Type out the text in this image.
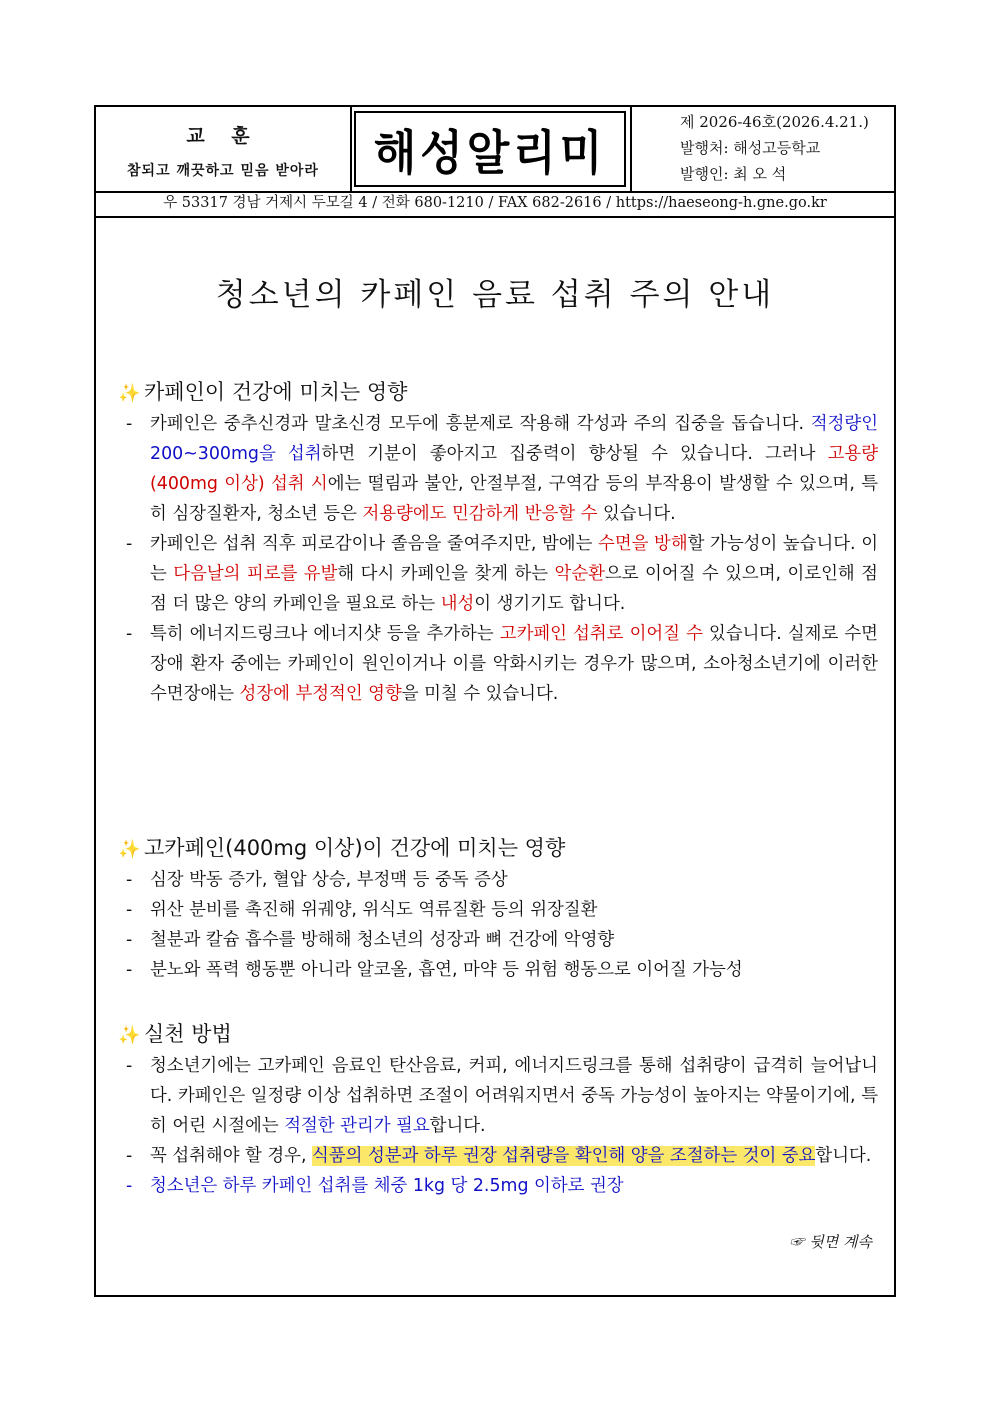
교 훈
참되고 깨끗하고 믿음 받아라	해성알리미
제 2026-46호(2026.4.21.)
발행처: 해성고등학교
발행인: 최 오 석
우 53317 경남 거제시 두모길 4 / 전화 680-1210 / FAX 682-2616 / https://haeseong-h.gne.go.kr
청소년의 카페인 음료 섭취 주의 안내
✨ 카페인이 건강에 미치는 영향
- 카페인은 중추신경과 말초신경 모두에 흥분제로 작용해 각성과 주의 집중을 돕습니다. 적정량인 200~300mg을 섭취하면 기분이 좋아지고 집중력이 향상될 수 있습니다. 그러나 고용량(400mg 이상) 섭취 시에는 떨림과 불안, 안절부절, 구역감 등의 부작용이 발생할 수 있으며, 특히 심장질환자, 청소년 등은 저용량에도 민감하게 반응할 수 있습니다.
- 카페인은 섭취 직후 피로감이나 졸음을 줄여주지만, 밤에는 수면을 방해할 가능성이 높습니다. 이는 다음날의 피로를 유발해 다시 카페인을 찾게 하는 악순환으로 이어질 수 있으며, 이로인해 점점 더 많은 양의 카페인을 필요로 하는 내성이 생기기도 합니다.
- 특히 에너지드링크나 에너지샷 등을 추가하는 고카페인 섭취로 이어질 수 있습니다. 실제로 수면장애 환자 중에는 카페인이 원인이거나 이를 악화시키는 경우가 많으며, 소아청소년기에 이러한 수면장애는 성장에 부정적인 영향을 미칠 수 있습니다.
✨ 고카페인(400mg 이상)이 건강에 미치는 영향
- 심장 박동 증가, 혈압 상승, 부정맥 등 중독 증상
- 위산 분비를 촉진해 위궤양, 위식도 역류질환 등의 위장질환
- 철분과 칼슘 흡수를 방해해 청소년의 성장과 뼈 건강에 악영향
- 분노와 폭력 행동뿐 아니라 알코올, 흡연, 마약 등 위험 행동으로 이어질 가능성
✨ 실천 방법
- 청소년기에는 고카페인 음료인 탄산음료, 커피, 에너지드링크를 통해 섭취량이 급격히 늘어납니다. 카페인은 일정량 이상 섭취하면 조절이 어려워지면서 중독 가능성이 높아지는 약물이기에, 특히 어린 시절에는 적절한 관리가 필요합니다.
- 꼭 섭취해야 할 경우, 식품의 성분과 하루 권장 섭취량을 확인해 양을 조절하는 것이 중요합니다.
- 청소년은 하루 카페인 섭취를 체중 1kg 당 2.5mg 이하로 권장
☞ 뒷면 계속
